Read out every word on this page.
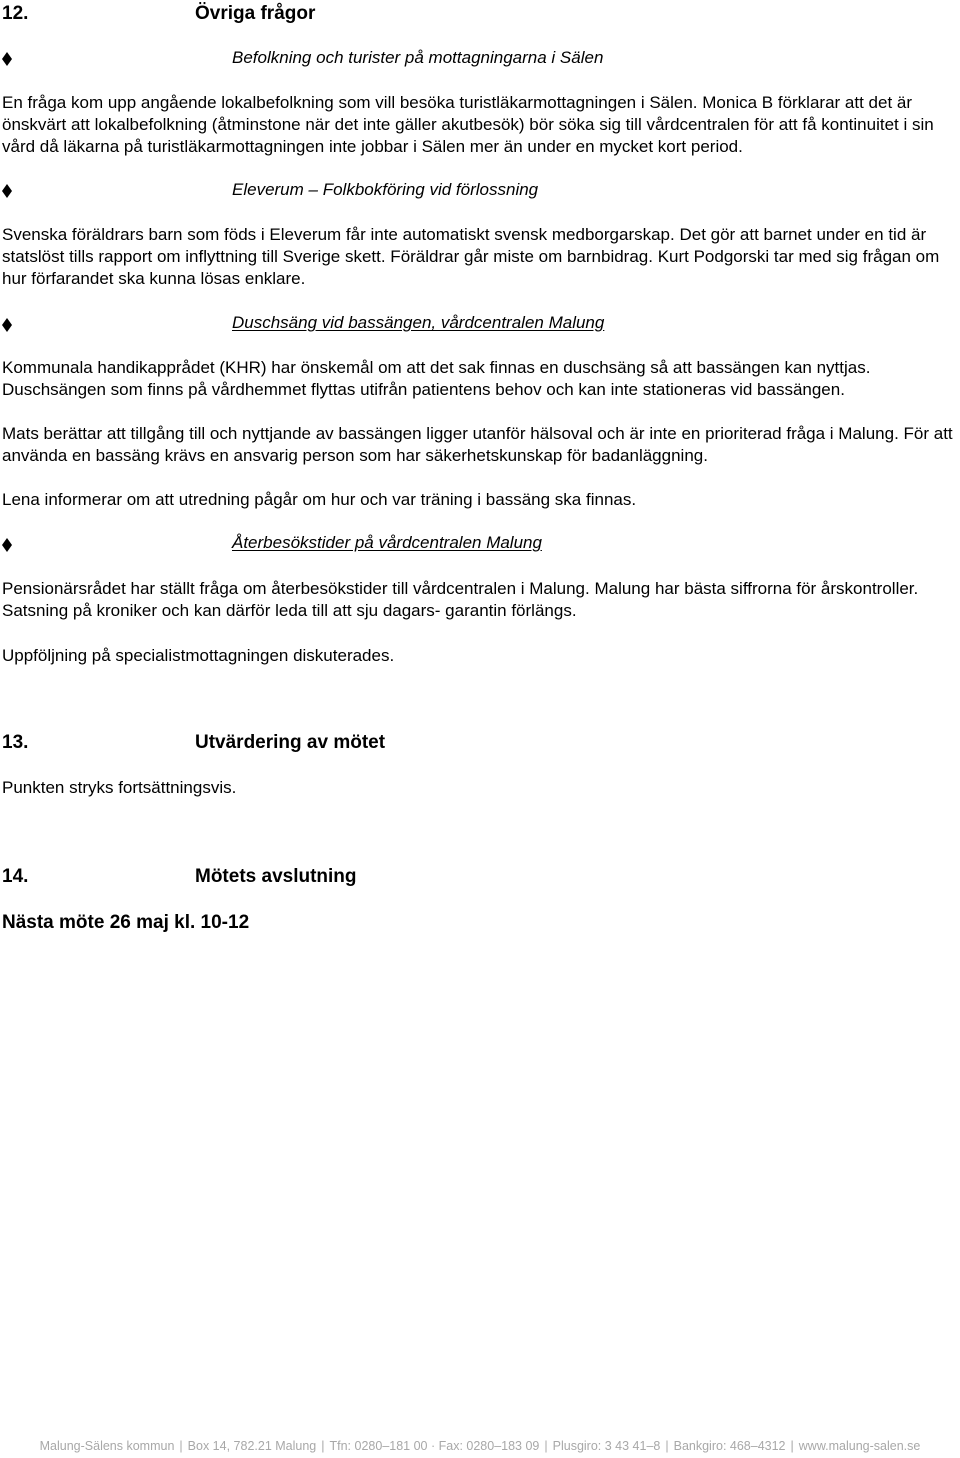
12.	Övriga frågor
Befolkning och turister på mottagningarna i Sälen

En fråga kom upp angående lokalbefolkning som vill besöka turistläkarmottagningen i Sälen. Monica B förklarar att det är önskvärt att lokalbefolkning (åtminstone när det inte gäller akutbesök) bör söka sig till vårdcentralen för att få kontinuitet i sin vård då läkarna på turistläkarmottagningen inte jobbar i Sälen mer än under en mycket kort period.

Eleverum – Folkbokföring vid förlossning

Svenska föräldrars barn som föds i Eleverum får inte automatiskt svensk medborgarskap. Det gör att barnet under en tid är statslöst tills rapport om inflyttning till Sverige skett. Föräldrar går miste om barnbidrag. Kurt Podgorski tar med sig frågan om hur förfarandet ska kunna lösas enklare.

Duschsäng vid bassängen, vårdcentralen Malung

Kommunala handikapprådet (KHR) har önskemål om att det sak finnas en duschsäng så att bassängen kan nyttjas. Duschsängen som finns på vårdhemmet flyttas utifrån patientens behov och kan inte stationeras vid bassängen.

Mats berättar att tillgång till och nyttjande av bassängen ligger utanför hälsoval och är inte en prioriterad fråga i Malung. För att använda en bassäng krävs en ansvarig person som har säkerhetskunskap för badanläggning.

Lena informerar om att utredning pågår om hur och var träning i bassäng ska finnas.

Återbesökstider på vårdcentralen Malung

Pensionärsrådet har ställt fråga om återbesökstider till vårdcentralen i Malung. Malung har bästa siffrorna för årskontroller. Satsning på kroniker och kan därför leda till att sju dagars- garantin förlängs.

Uppföljning på specialistmottagningen diskuterades.

13.	Utvärdering av mötet
Punkten stryks fortsättningsvis.
14.	Mötets avslutning
Nästa möte 26 maj kl. 10-12
Malung-Sälens kommun | Box 14, 782.21 Malung | Tfn: 0280–181 00 · Fax: 0280–183 09 | Plusgiro: 3 43 41–8 | Bankgiro: 468–4312 | www.malung-salen.se
